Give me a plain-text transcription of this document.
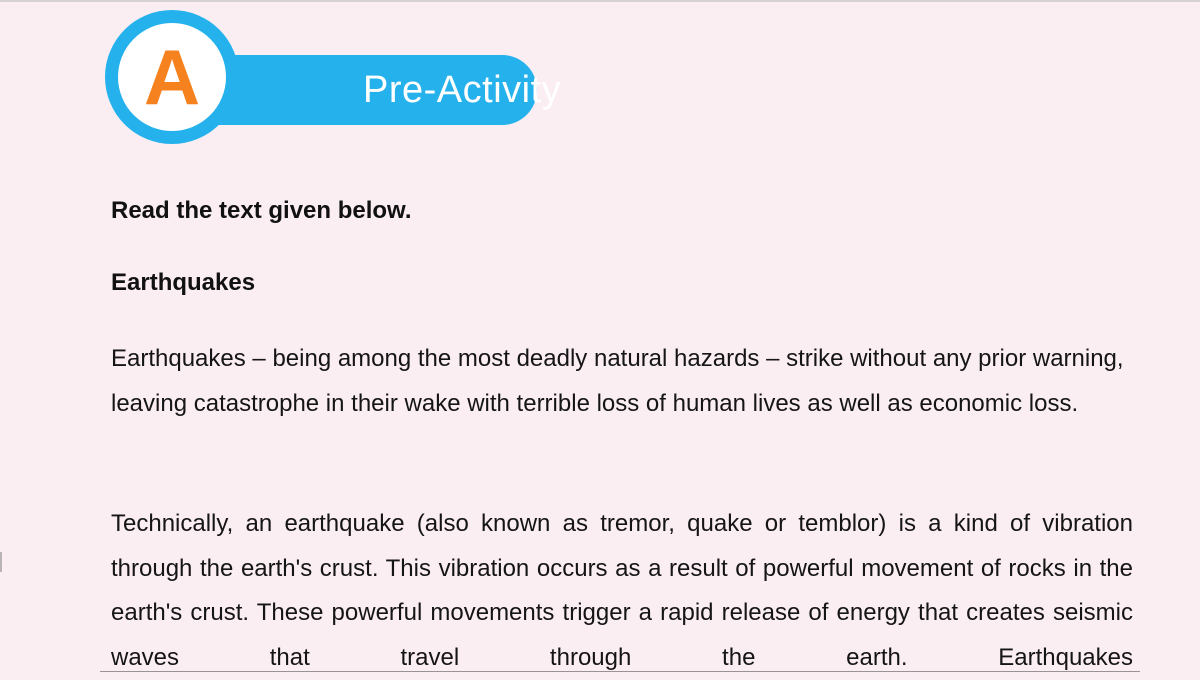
Pre-Activity
A

Read the text given below.

Earthquakes

Earthquakes – being among the most deadly natural hazards – strike without any prior warning, leaving catastrophe in their wake with terrible loss of human lives as well as economic loss.

Technically, an earthquake (also known as tremor, quake or temblor) is a kind of vibration through the earth's crust. This vibration occurs as a result of powerful movement of rocks in the earth's crust. These powerful movements trigger a rapid release of energy that creates seismic waves that travel through the earth. Earthquakes
